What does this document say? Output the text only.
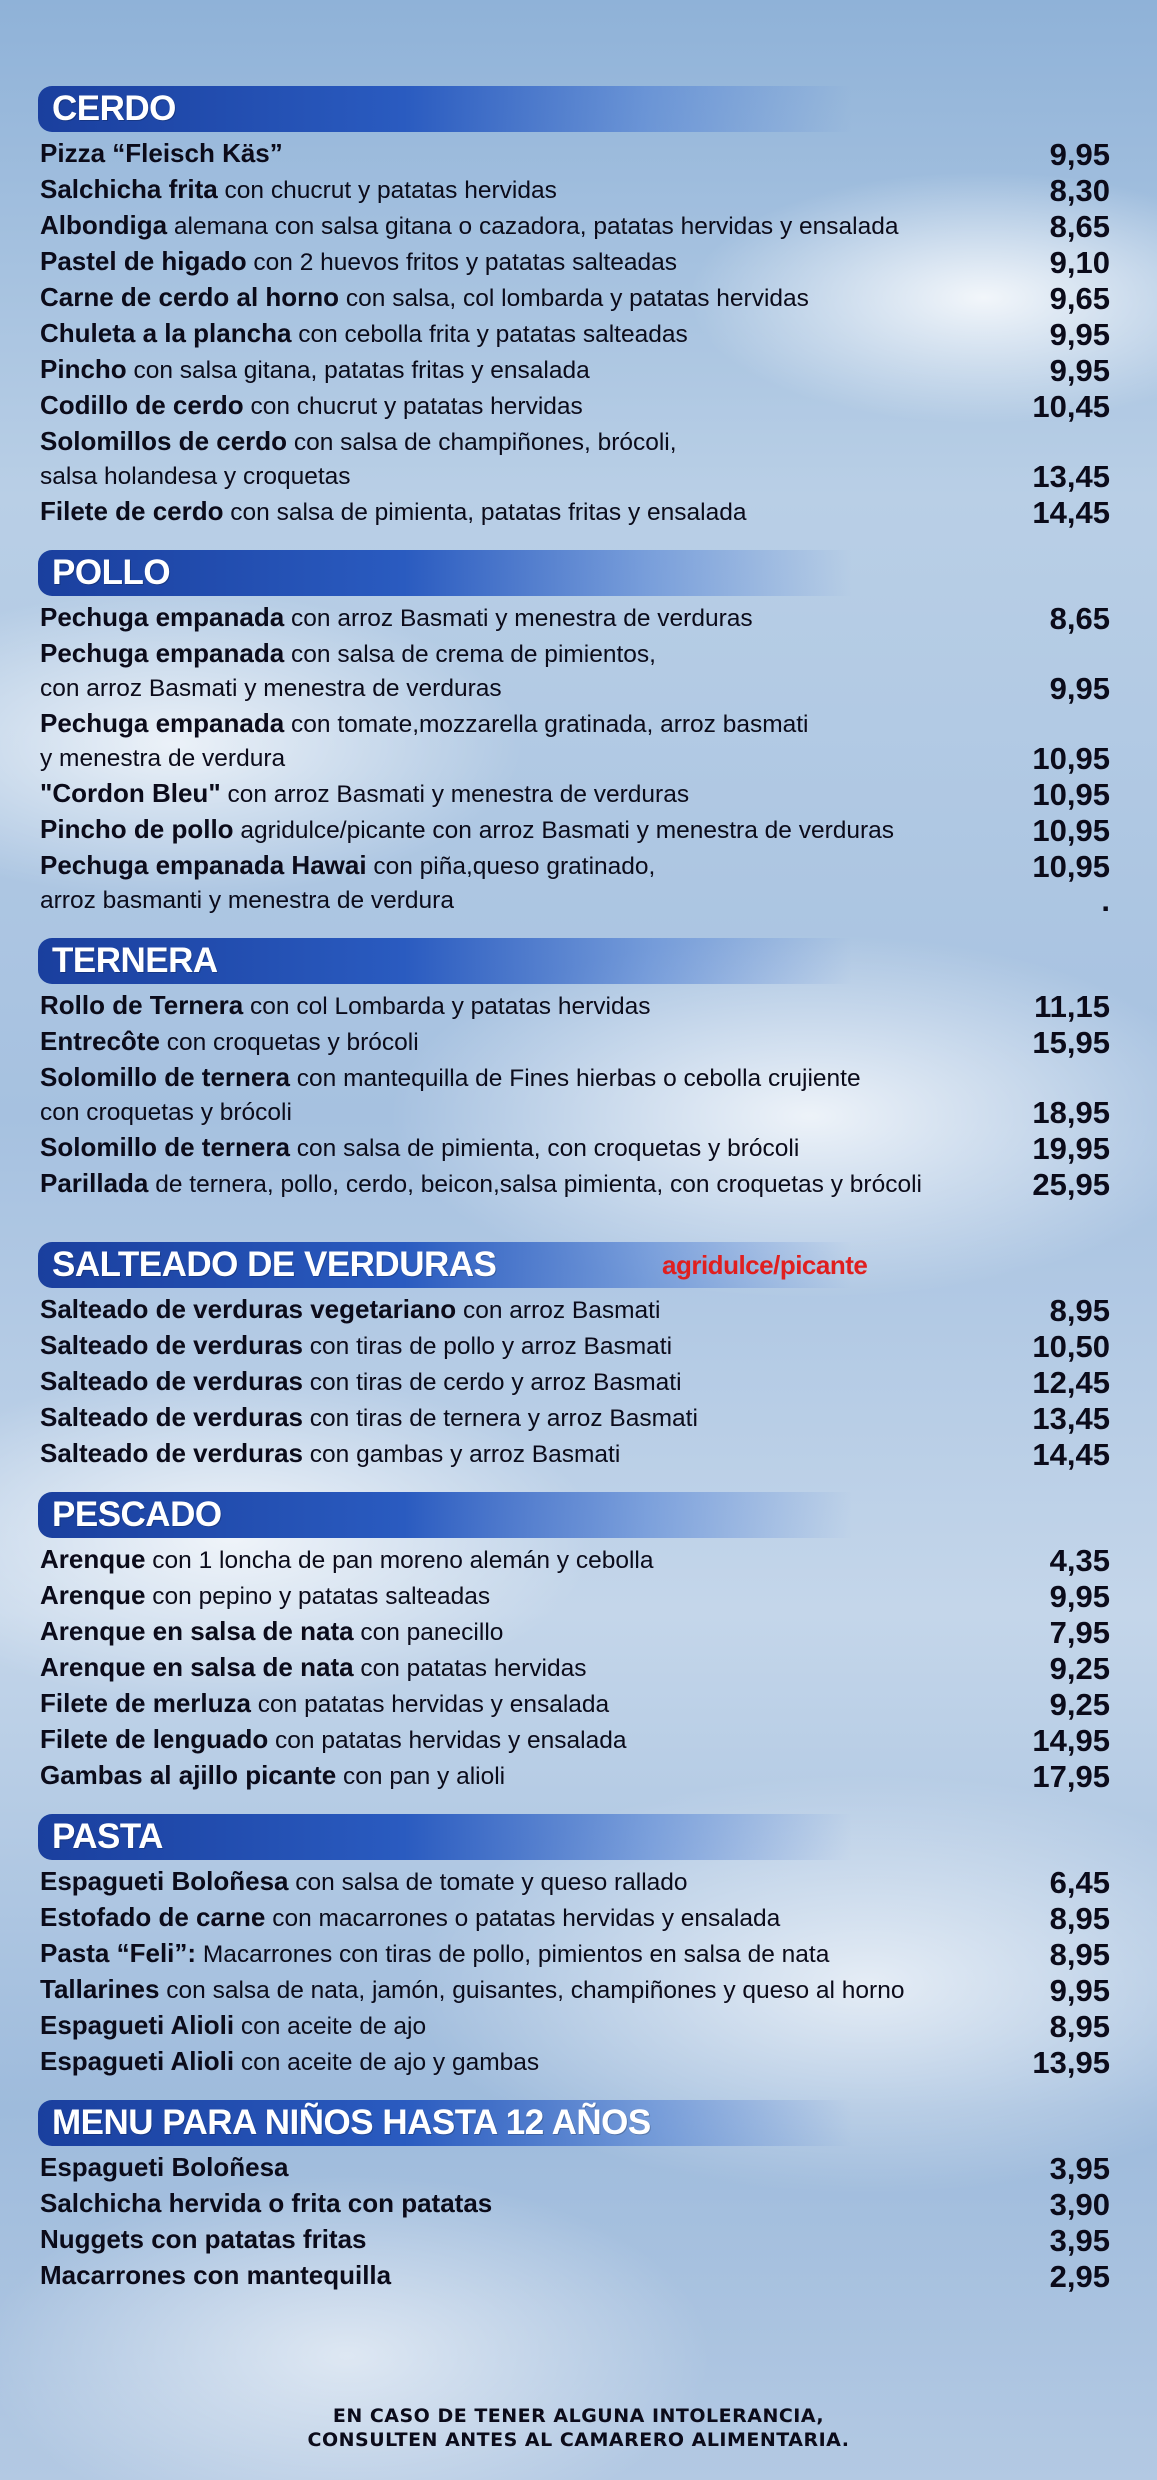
CERDO
Pizza “Fleisch Käs”	9,95
Salchicha frita con chucrut y patatas hervidas	8,30
Albondiga alemana con salsa gitana o cazadora, patatas hervidas y ensalada	8,65
Pastel de higado con 2 huevos fritos y patatas salteadas	9,10
Carne de cerdo al horno con salsa, col lombarda y patatas hervidas	9,65
Chuleta a la plancha con cebolla frita y patatas salteadas	9,95
Pincho con salsa gitana, patatas fritas y ensalada	9,95
Codillo de cerdo con chucrut y patatas hervidas	10,45
Solomillos de cerdo con salsa de champiñones, brócoli,
salsa holandesa y croquetas	13,45
Filete de cerdo con salsa de pimienta, patatas fritas y ensalada	14,45
POLLO
Pechuga empanada con arroz Basmati y menestra de verduras	8,65
Pechuga empanada con salsa de crema de pimientos,
con arroz Basmati y menestra de verduras	9,95
Pechuga empanada con tomate,mozzarella gratinada, arroz basmati
y menestra de verdura	10,95
"Cordon Bleu" con arroz Basmati y menestra de verduras	10,95
Pincho de pollo agridulce/picante con arroz Basmati y menestra de verduras	10,95
Pechuga empanada Hawai con piña,queso gratinado,	10,95
arroz basmanti y menestra de verdura	.
TERNERA
Rollo de Ternera con col Lombarda y patatas hervidas	11,15
Entrecôte con croquetas y brócoli	15,95
Solomillo de ternera con mantequilla de Fines hierbas o cebolla crujiente
con croquetas y brócoli	18,95
Solomillo de ternera con salsa de pimienta, con croquetas y brócoli	19,95
Parillada de ternera, pollo, cerdo, beicon,salsa pimienta, con croquetas y brócoli	25,95
SALTEADO DE VERDURAS	agridulce/picante
Salteado de verduras vegetariano con arroz Basmati	8,95
Salteado de verduras con tiras de pollo y arroz Basmati	10,50
Salteado de verduras con tiras de cerdo y arroz Basmati	12,45
Salteado de verduras con tiras de ternera y arroz Basmati	13,45
Salteado de verduras con gambas y arroz Basmati	14,45
PESCADO
Arenque con 1 loncha de pan moreno alemán y cebolla	4,35
Arenque con pepino y patatas salteadas	9,95
Arenque en salsa de nata con panecillo	7,95
Arenque en salsa de nata con patatas hervidas	9,25
Filete de merluza con patatas hervidas y ensalada	9,25
Filete de lenguado con patatas hervidas y ensalada	14,95
Gambas al ajillo picante con pan y alioli	17,95
PASTA
Espagueti Boloñesa con salsa de tomate y queso rallado	6,45
Estofado de carne con macarrones o patatas hervidas y ensalada	8,95
Pasta “Feli”: Macarrones con tiras de pollo, pimientos en salsa de nata	8,95
Tallarines con salsa de nata, jamón, guisantes, champiñones y queso al horno	9,95
Espagueti Alioli con aceite de ajo	8,95
Espagueti Alioli con aceite de ajo y gambas	13,95
MENU PARA NIÑOS HASTA 12 AÑOS
Espagueti Boloñesa	3,95
Salchicha hervida o frita con patatas	3,90
Nuggets con patatas fritas	3,95
Macarrones con mantequilla	2,95
EN CASO DE TENER ALGUNA INTOLERANCIA,
CONSULTEN ANTES AL CAMARERO ALIMENTARIA.
